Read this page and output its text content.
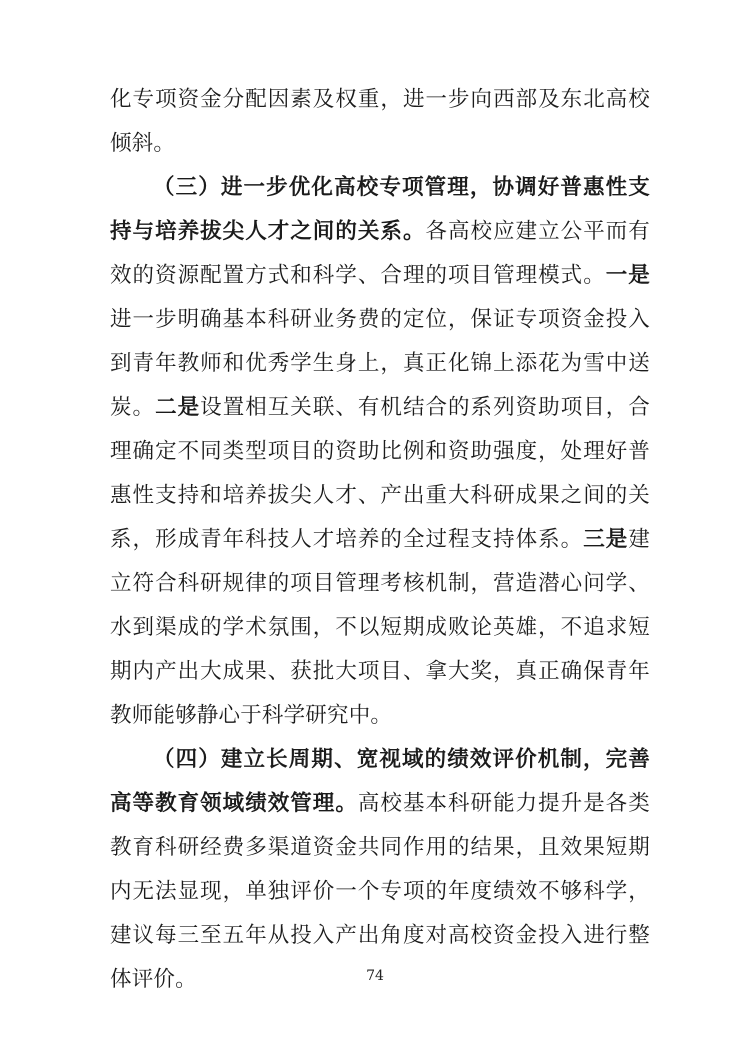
化专项资金分配因素及权重，进一步向西部及东北高校倾斜。

（三）进一步优化高校专项管理，协调好普惠性支持与培养拔尖人才之间的关系。各高校应建立公平而有效的资源配置方式和科学、合理的项目管理模式。一是进一步明确基本科研业务费的定位，保证专项资金投入到青年教师和优秀学生身上，真正化锦上添花为雪中送炭。二是设置相互关联、有机结合的系列资助项目，合理确定不同类型项目的资助比例和资助强度，处理好普惠性支持和培养拔尖人才、产出重大科研成果之间的关系，形成青年科技人才培养的全过程支持体系。三是建立符合科研规律的项目管理考核机制，营造潜心问学、水到渠成的学术氛围，不以短期成败论英雄，不追求短期内产出大成果、获批大项目、拿大奖，真正确保青年教师能够静心于科学研究中。

（四）建立长周期、宽视域的绩效评价机制，完善高等教育领域绩效管理。高校基本科研能力提升是各类教育科研经费多渠道资金共同作用的结果，且效果短期内无法显现，单独评价一个专项的年度绩效不够科学，建议每三至五年从投入产出角度对高校资金投入进行整体评价。	74
